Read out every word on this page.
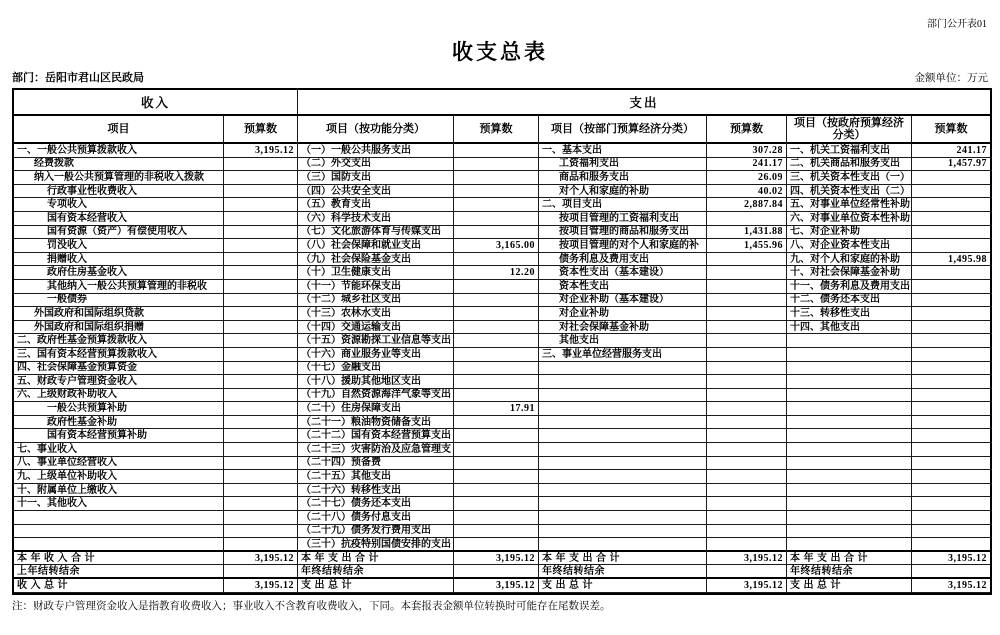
部门公开表01
收支总表
部门：岳阳市君山区民政局	金额单位：万元
收入		支出					
项目	预算数	项目（按功能分类）	预算数	项目（按部门预算经济分类）	预算数	项目（按政府预算经济分类）	预算数
一、一般公共预算拨款收入	3,195.12	（一）一般公共服务支出		一、基本支出	307.28	一、机关工资福利支出	241.17
经费拨款		（二）外交支出		工资福利支出	241.17	二、机关商品和服务支出	1,457.97
纳入一般公共预算管理的非税收入拨款		（三）国防支出		商品和服务支出	26.09	三、机关资本性支出（一）	
行政事业性收费收入		（四）公共安全支出		对个人和家庭的补助	40.02	四、机关资本性支出（二）	
专项收入		（五）教育支出		二、项目支出	2,887.84	五、对事业单位经常性补助	
国有资本经营收入		（六）科学技术支出		按项目管理的工资福利支出		六、对事业单位资本性补助	
国有资源（资产）有偿使用收入		（七）文化旅游体育与传媒支出		按项目管理的商品和服务支出	1,431.88	七、对企业补助	
罚没收入		（八）社会保障和就业支出	3,165.00	按项目管理的对个人和家庭的补	1,455.96	八、对企业资本性支出	
捐赠收入		（九）社会保险基金支出		债务利息及费用支出		九、对个人和家庭的补助	1,495.98
政府住房基金收入		（十）卫生健康支出	12.20	资本性支出（基本建设）		十、对社会保障基金补助	
其他纳入一般公共预算管理的非税收		（十一）节能环保支出		资本性支出		十一、债务利息及费用支出	
一般债券		（十二）城乡社区支出		对企业补助（基本建设）		十二、债务还本支出	
外国政府和国际组织贷款		（十三）农林水支出		对企业补助		十三、转移性支出	
外国政府和国际组织捐赠		（十四）交通运输支出		对社会保障基金补助		十四、其他支出	
二、政府性基金预算拨款收入		（十五）资源勘探工业信息等支出		其他支出			
三、国有资本经营预算拨款收入		（十六）商业服务业等支出		三、事业单位经营服务支出			
四、社会保障基金预算资金		（十七）金融支出					
五、财政专户管理资金收入		（十八）援助其他地区支出					
六、上级财政补助收入		（十九）自然资源海洋气象等支出					
一般公共预算补助		（二十）住房保障支出	17.91				
政府性基金补助		（二十一）粮油物资储备支出					
国有资本经营预算补助		（二十二）国有资本经营预算支出					
七、事业收入		（二十三）灾害防治及应急管理支					
八、事业单位经营收入		（二十四）预备费					
九、上级单位补助收入		（二十五）其他支出					
十、附属单位上缴收入		（二十六）转移性支出					
十一、其他收入		（二十七）债务还本支出					
		（二十八）债务付息支出					
		（二十九）债务发行费用支出					
		（三十）抗疫特别国债安排的支出					
本 年 收 入 合 计	3,195.12	本 年 支 出 合 计	3,195.12	本 年 支 出 合 计	3,195.12	本 年 支 出 合 计	3,195.12
上年结转结余		年终结转结余		年终结转结余		年终结转结余	
收 入 总 计	3,195.12	支 出 总 计	3,195.12	支 出 总 计	3,195.12	支 出 总 计	3,195.12
注：财政专户管理资金收入是指教育收费收入；事业收入不含教育收费收入，下同。本套报表金额单位转换时可能存在尾数误差。
